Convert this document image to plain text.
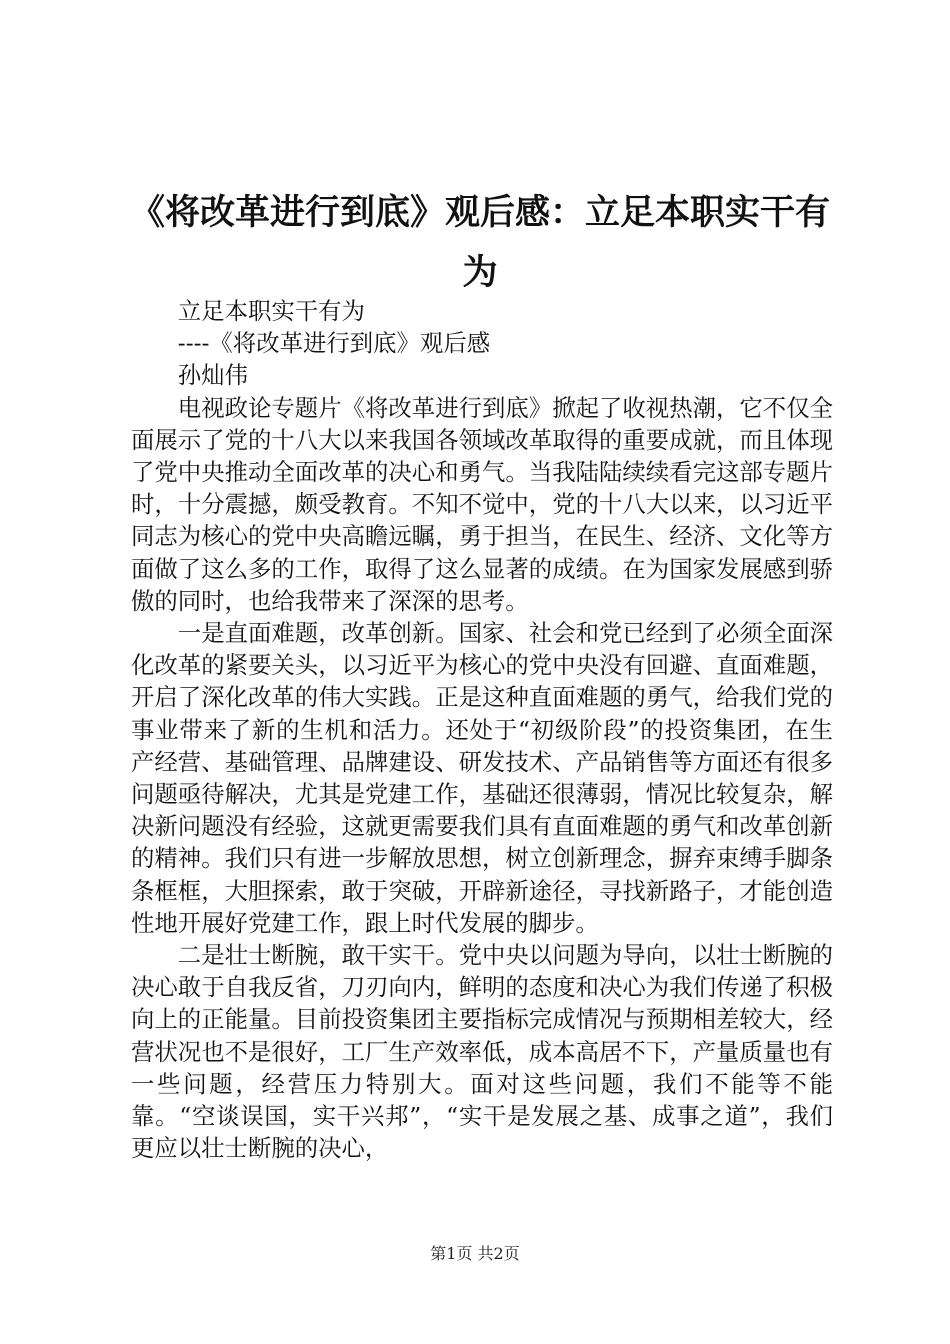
《将改革进行到底》观后感：立足本职实干有为

立足本职实干有为

----《将改革进行到底》观后感

孙灿伟

电视政论专题片《将改革进行到底》掀起了收视热潮，它不仅全面展示了党的十八大以来我国各领域改革取得的重要成就，而且体现了党中央推动全面改革的决心和勇气。当我陆陆续续看完这部专题片时，十分震撼，颇受教育。不知不觉中，党的十八大以来，以习近平同志为核心的党中央高瞻远瞩，勇于担当，在民生、经济、文化等方面做了这么多的工作，取得了这么显著的成绩。在为国家发展感到骄傲的同时，也给我带来了深深的思考。

一是直面难题，改革创新。国家、社会和党已经到了必须全面深化改革的紧要关头，以习近平为核心的党中央没有回避、直面难题，开启了深化改革的伟大实践。正是这种直面难题的勇气，给我们党的事业带来了新的生机和活力。还处于“初级阶段”的投资集团，在生产经营、基础管理、品牌建设、研发技术、产品销售等方面还有很多问题亟待解决，尤其是党建工作，基础还很薄弱，情况比较复杂，解决新问题没有经验，这就更需要我们具有直面难题的勇气和改革创新的精神。我们只有进一步解放思想，树立创新理念，摒弃束缚手脚条条框框，大胆探索，敢于突破，开辟新途径，寻找新路子，才能创造性地开展好党建工作，跟上时代发展的脚步。

二是壮士断腕，敢干实干。党中央以问题为导向，以壮士断腕的决心敢于自我反省，刀刃向内，鲜明的态度和决心为我们传递了积极向上的正能量。目前投资集团主要指标完成情况与预期相差较大，经营状况也不是很好，工厂生产效率低，成本高居不下，产量质量也有一些问题，经营压力特别大。面对这些问题，我们不能等不能靠。“空谈误国，实干兴邦”，“实干是发展之基、成事之道”，我们更应以壮士断腕的决心，

第1页 共2页
